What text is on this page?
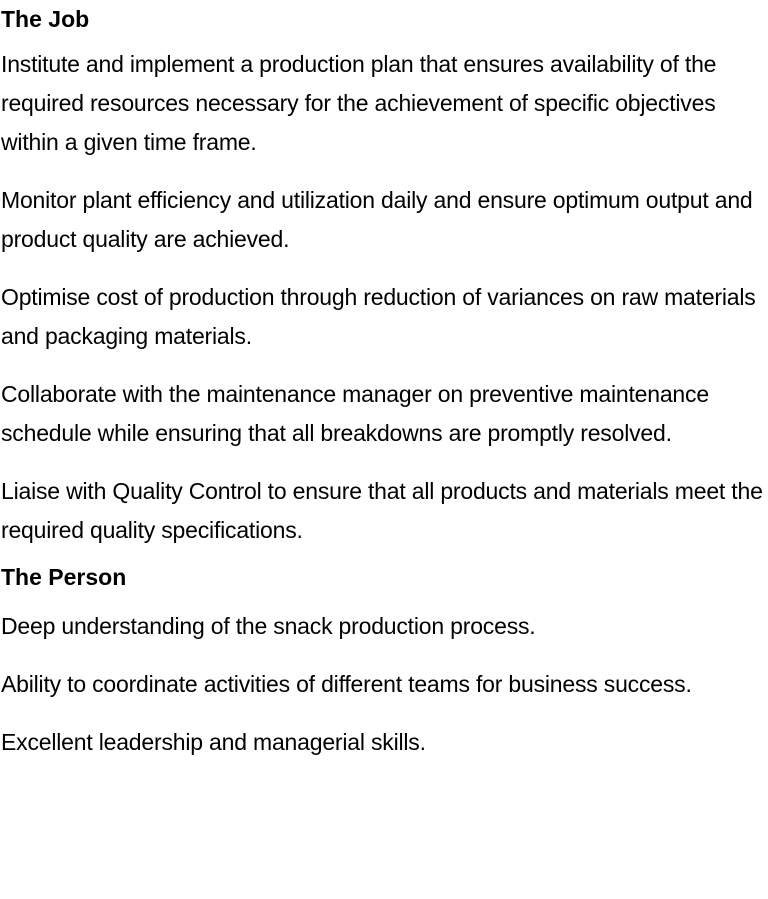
The Job

Institute and implement a production plan that ensures availability of the required resources necessary for the achievement of specific objectives within a given time frame.

Monitor plant efficiency and utilization daily and ensure optimum output and product quality are achieved.

Optimise cost of production through reduction of variances on raw materials and packaging materials.

Collaborate with the maintenance manager on preventive maintenance schedule while ensuring that all breakdowns are promptly resolved.

Liaise with Quality Control to ensure that all products and materials meet the required quality specifications.

The Person

Deep understanding of the snack production process.

Ability to coordinate activities of different teams for business success.

Excellent leadership and managerial skills.
